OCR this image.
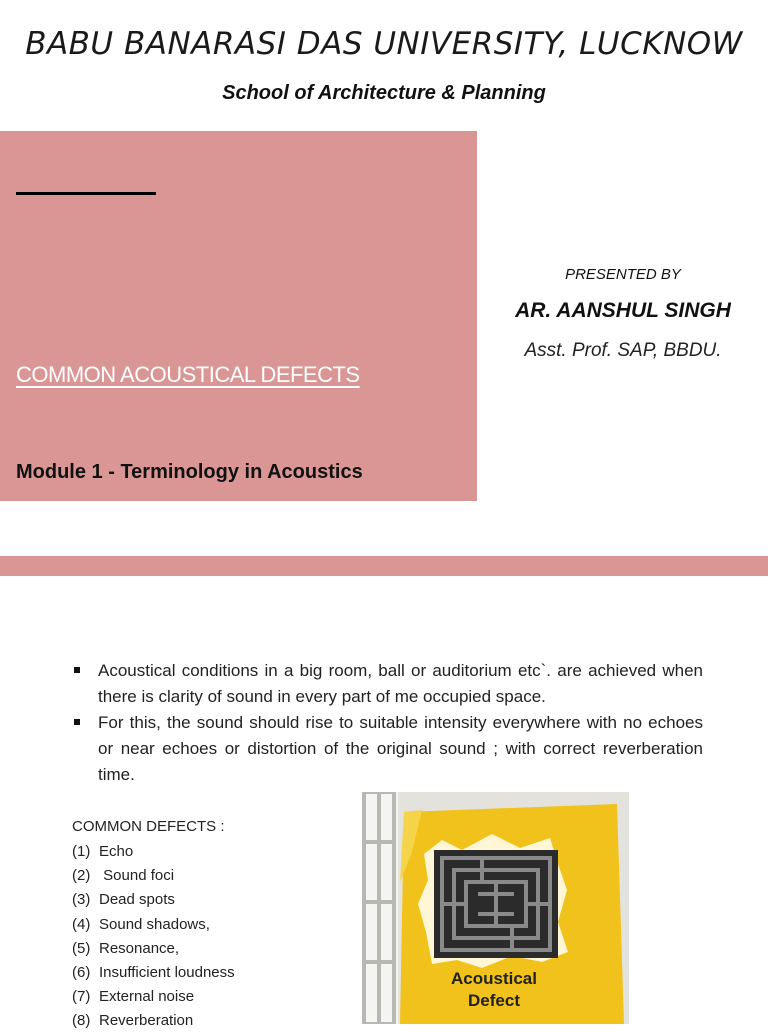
BABU BANARASI DAS UNIVERSITY, LUCKNOW
School of Architecture & Planning
COMMON ACOUSTICAL DEFECTS
Module 1 - Terminology in Acoustics
PRESENTED BY
AR. AANSHUL SINGH
Asst. Prof. SAP, BBDU.
Acoustical conditions in a big room, ball or auditorium etc`. are achieved when there is clarity of sound in every part of me occupied space.
For this, the sound should rise to suitable intensity everywhere with no echoes or near echoes or distortion of the original sound ; with correct reverberation time.
COMMON DEFECTS :
(1) Echo
(2) Sound foci
(3) Dead spots
(4) Sound shadows,
(5) Resonance,
(6) Insufficient loudness
(7) External noise
(8) Reverberation
Acoustical
Defect
